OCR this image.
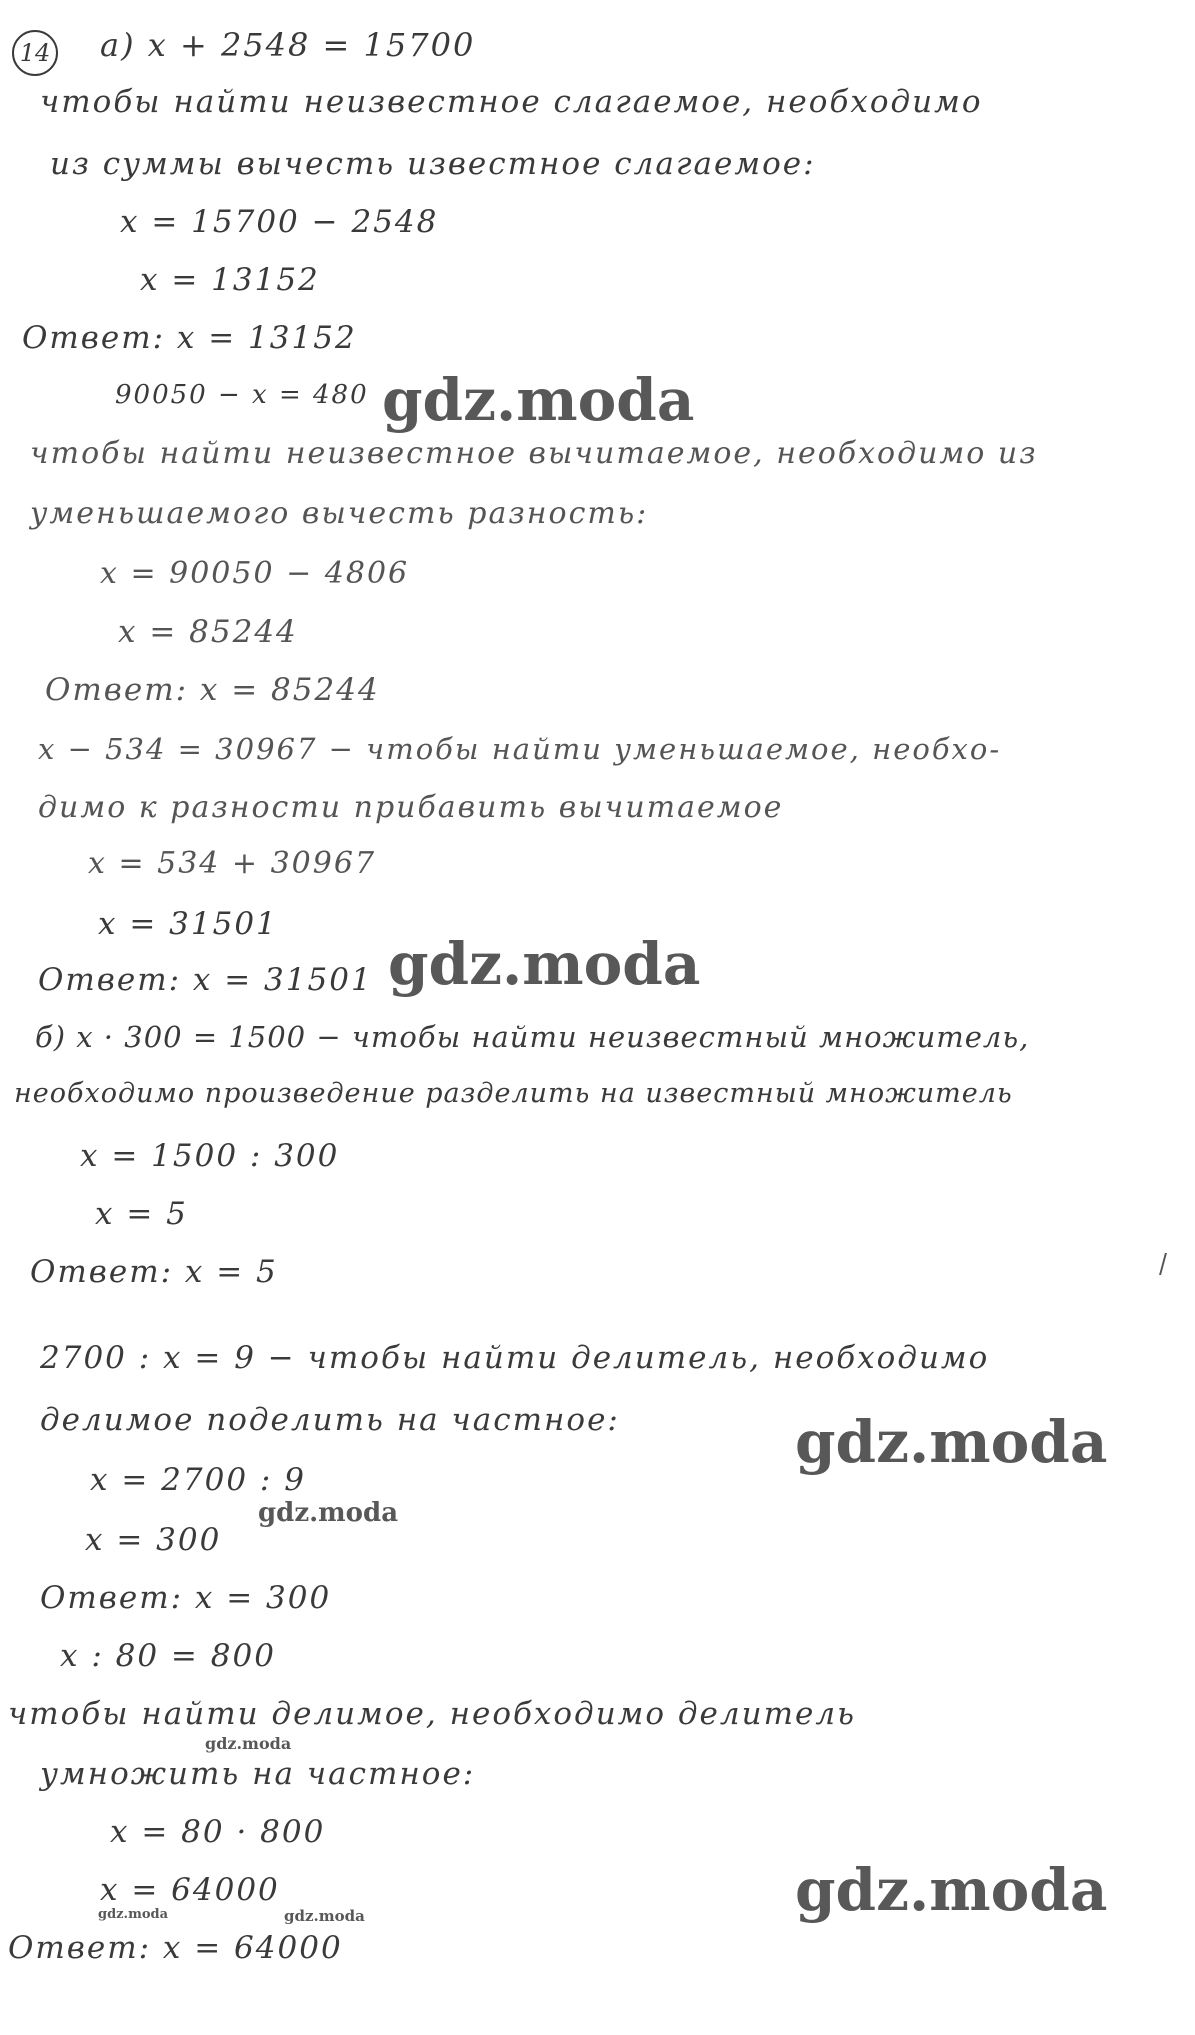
14 а) x + 2548 = 15700
чтобы найти неизвестное слагаемое, необходимо
из суммы вычесть известное слагаемое:
x = 15700 − 2548
x = 13152
Ответ: x = 13152
90050 − x = 480
чтобы найти неизвестное вычитаемое, необходимо из
уменьшаемого вычесть разность:
x = 90050 − 4806
x = 85244
Ответ: x = 85244
x − 534 = 30967 − чтобы найти уменьшаемое, необхо-
димо к разности прибавить вычитаемое
x = 534 + 30967
x = 31501
Ответ: x = 31501
б) x · 300 = 1500 − чтобы найти неизвестный множитель,
необходимо произведение разделить на известный множитель
x = 1500 : 300
x = 5
Ответ: x = 5
2700 : x = 9 − чтобы найти делитель, необходимо
делимое поделить на частное:
x = 2700 : 9
x = 300
Ответ: x = 300
x : 80 = 800
чтобы найти делимое, необходимо делитель
умножить на частное:
x = 80 · 800
x = 64000
Ответ: x = 64000
gdz.moda
gdz.moda
gdz.moda
gdz.moda
gdz.moda
gdz.moda
gdz.moda	gdz.moda
